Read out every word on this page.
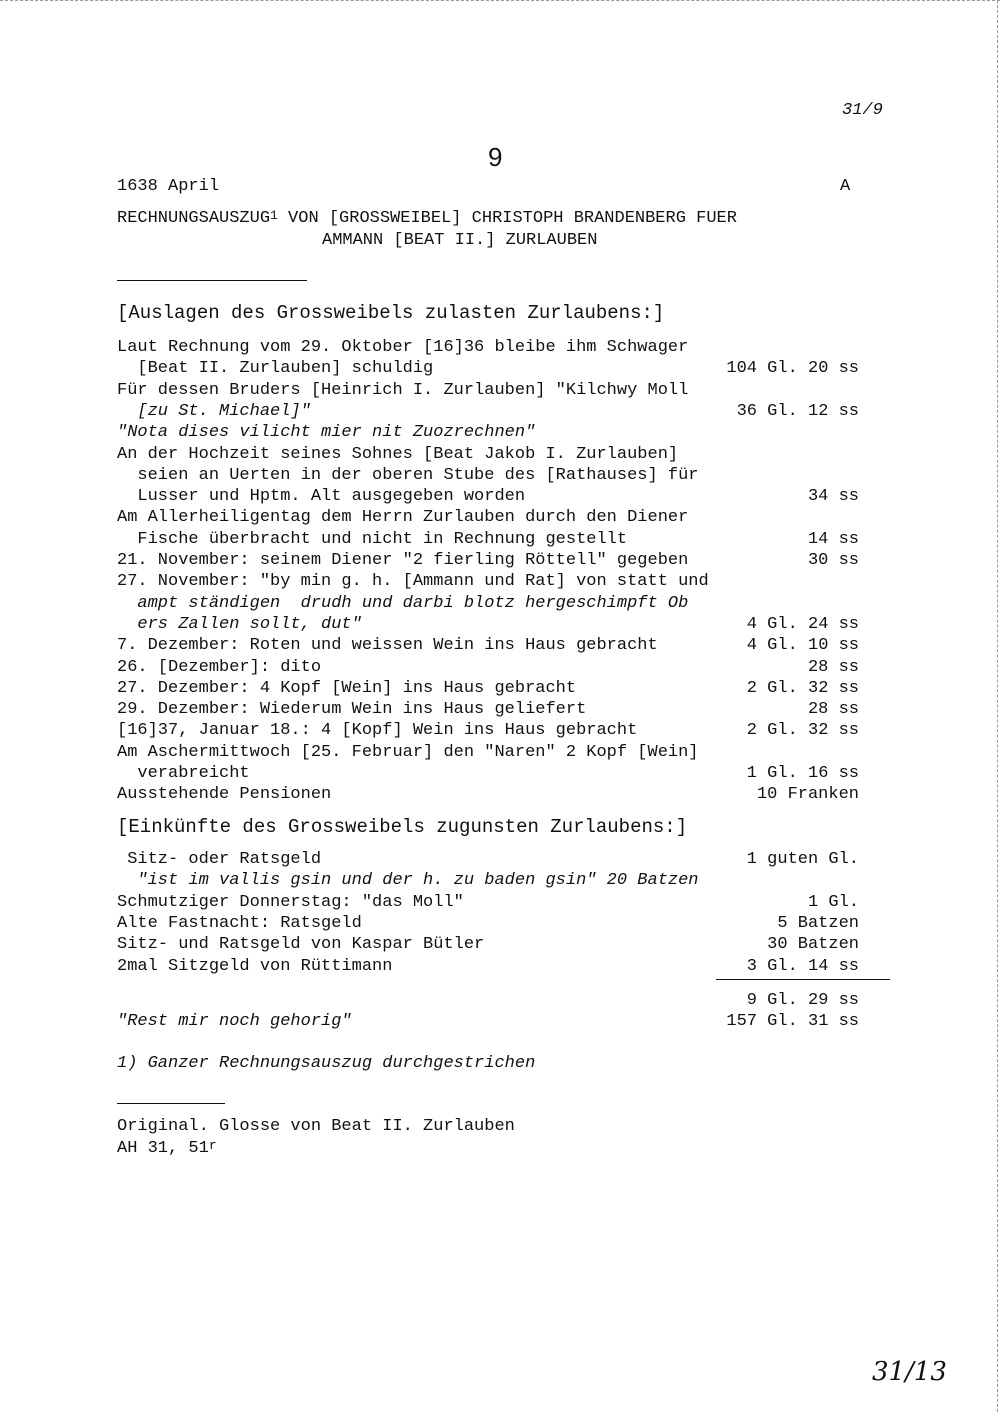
31/9
9
1638 April	A
RECHNUNGSAUSZUG$^1$ VON [GROSSWEIBEL] CHRISTOPH BRANDENBERG FUER
AMMANN [BEAT II.] ZURLAUBEN
[Auslagen des Grossweibels zulasten Zurlaubens:]
Laut Rechnung vom 29. Oktober [16]36 bleibe ihm Schwager
[Beat II. Zurlauben] schuldig	104 Gl. 20 ss
Für dessen Bruders [Heinrich I. Zurlauben] "Kilchwy Moll
[zu St. Michael]"	36 Gl. 12 ss
"Nota dises vilicht mier nit Zuozrechnen"
An der Hochzeit seines Sohnes [Beat Jakob I. Zurlauben]
seien an Uerten in der oberen Stube des [Rathauses] für
Lusser und Hptm. Alt ausgegeben worden	34 ss
Am Allerheiligentag dem Herrn Zurlauben durch den Diener
Fische überbracht und nicht in Rechnung gestellt	14 ss
21. November: seinem Diener "2 fierling Röttell" gegeben	30 ss
27. November: "by min g. h. [Ammann und Rat] von statt und
ampt ständigen  drudh und darbi blotz hergeschimpft Ob
ers Zallen sollt, dut"	4 Gl. 24 ss
7. Dezember: Roten und weissen Wein ins Haus gebracht	4 Gl. 10 ss
26. [Dezember]: dito	28 ss
27. Dezember: 4 Kopf [Wein] ins Haus gebracht	2 Gl. 32 ss
29. Dezember: Wiederum Wein ins Haus geliefert	28 ss
[16]37, Januar 18.: 4 [Kopf] Wein ins Haus gebracht	2 Gl. 32 ss
Am Aschermittwoch [25. Februar] den "Naren" 2 Kopf [Wein]
verabreicht	1 Gl. 16 ss
Ausstehende Pensionen	10 Franken
[Einkünfte des Grossweibels zugunsten Zurlaubens:]
Sitz- oder Ratsgeld	1 guten Gl.
"ist im vallis gsin und der h. zu baden gsin" 20 Batzen
Schmutziger Donnerstag: "das Moll"	1 Gl.
Alte Fastnacht: Ratsgeld	5 Batzen
Sitz- und Ratsgeld von Kaspar Bütler	30 Batzen
2mal Sitzgeld von Rüttimann	3 Gl. 14 ss
9 Gl. 29 ss
"Rest mir noch gehorig"	157 Gl. 31 ss
1) Ganzer Rechnungsauszug durchgestrichen
Original. Glosse von Beat II. Zurlauben
AH 31, 51$^r$
31/13
